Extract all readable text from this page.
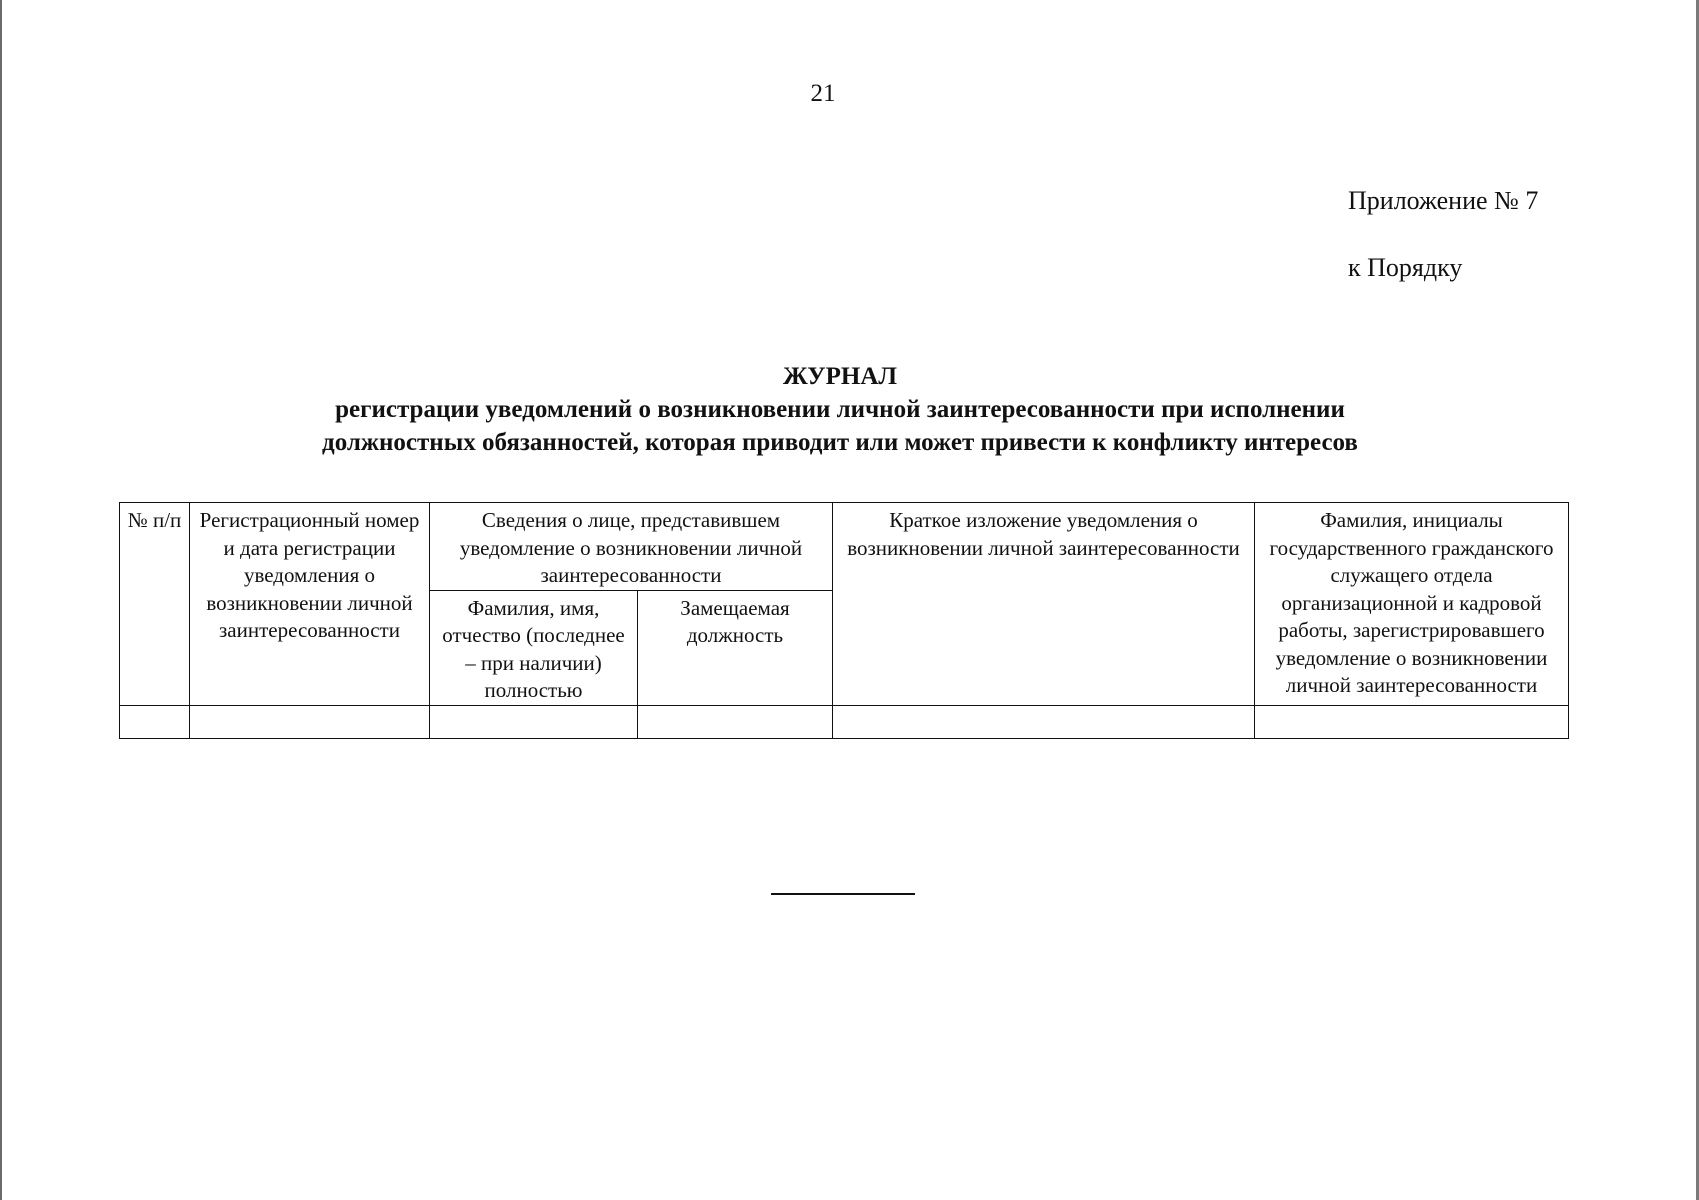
21
Приложение № 7
к Порядку
ЖУРНАЛ
регистрации уведомлений о возникновении личной заинтересованности при исполнении
должностных обязанностей, которая приводит или может привести к конфликту интересов
№ п/п	Регистрационный номер и дата регистрации уведомления о возникновении личной заинтересованности	Сведения о лице, представившем уведомление о возникновении личной заинтересованности		Краткое изложение уведомления о возникновении личной заинтересованности	Фамилия, инициалы государственного гражданского служащего отдела организационной и кадровой работы, зарегистрировавшего уведомление о возникновении личной заинтересованности
		Фамилия, имя, отчество (последнее – при наличии) полностью	Замещаемая должность		
